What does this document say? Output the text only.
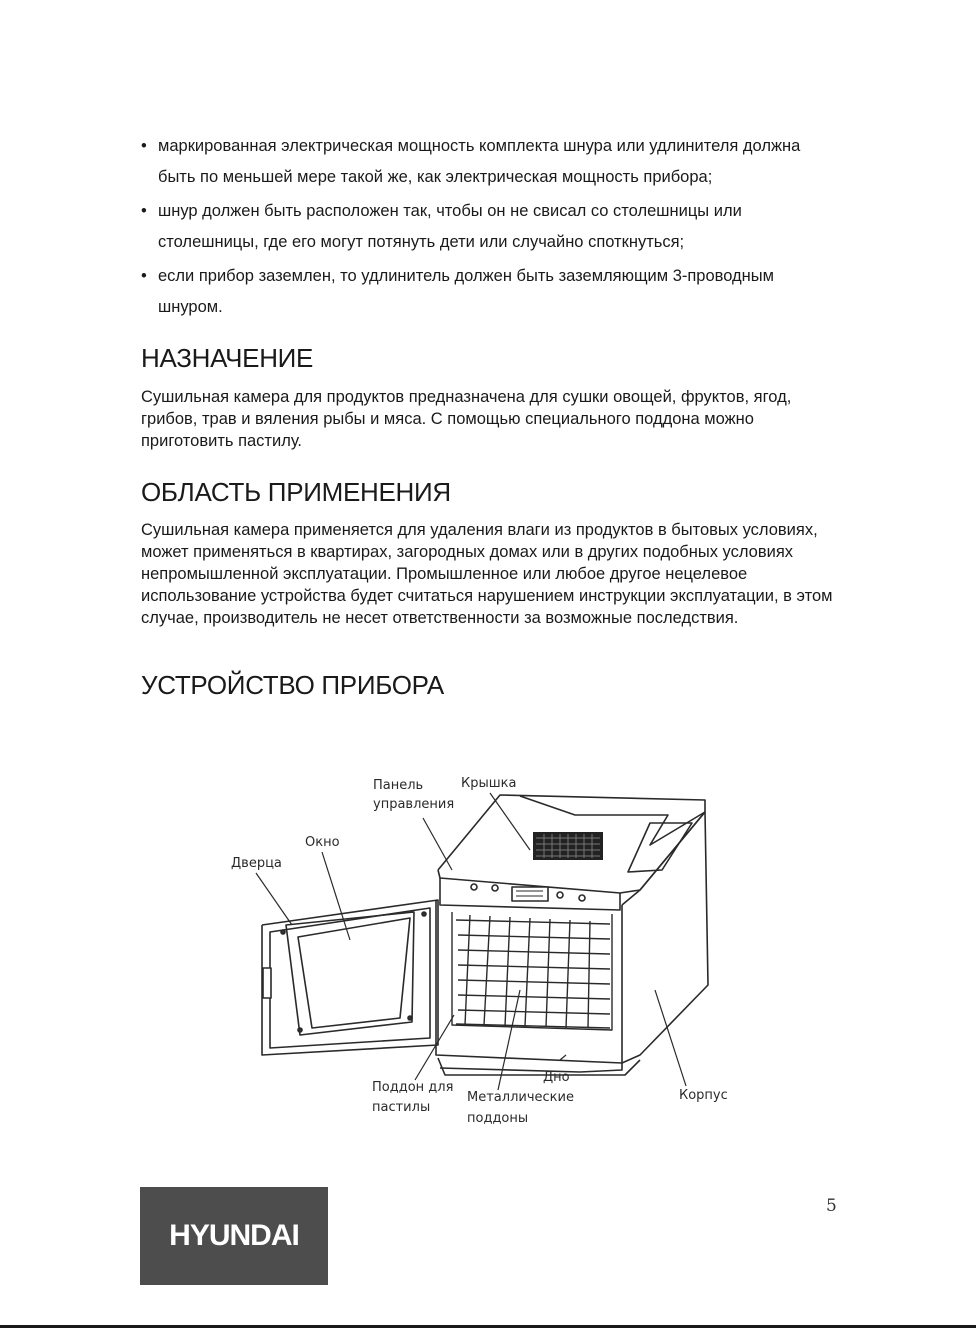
• маркированная электрическая мощность комплекта шнура или удлинителя должна быть по меньшей мере такой же, как электрическая мощность прибора;
• шнур должен быть расположен так, чтобы он не свисал со столешницы или столешницы, где его могут потянуть дети или случайно споткнуться;
• если прибор заземлен, то удлинитель должен быть заземляющим 3-проводным шнуром.
НАЗНАЧЕНИЕ

Сушильная камера для продуктов предназначена для сушки овощей, фруктов, ягод, грибов, трав и вяления рыбы и мяса. С помощью специального поддона можно приготовить пастилу.

ОБЛАСТЬ ПРИМЕНЕНИЯ

Сушильная камера применяется для удаления влаги из продуктов в бытовых условиях, может применяться в квартирах, загородных домах или в других подобных условиях непромышленной эксплуатации. Промышленное или любое другое нецелевое использование устройства будет считаться нарушением инструкции эксплуатации, в этом случае, производитель не несет ответственности за возможные последствия.

УСТРОЙСТВО ПРИБОРА
Панель
управления
Крышка
Окно
Дверца
Дно
Поддон для
пастилы
Металлические
поддоны
Корпус
HYUNDAI
5
